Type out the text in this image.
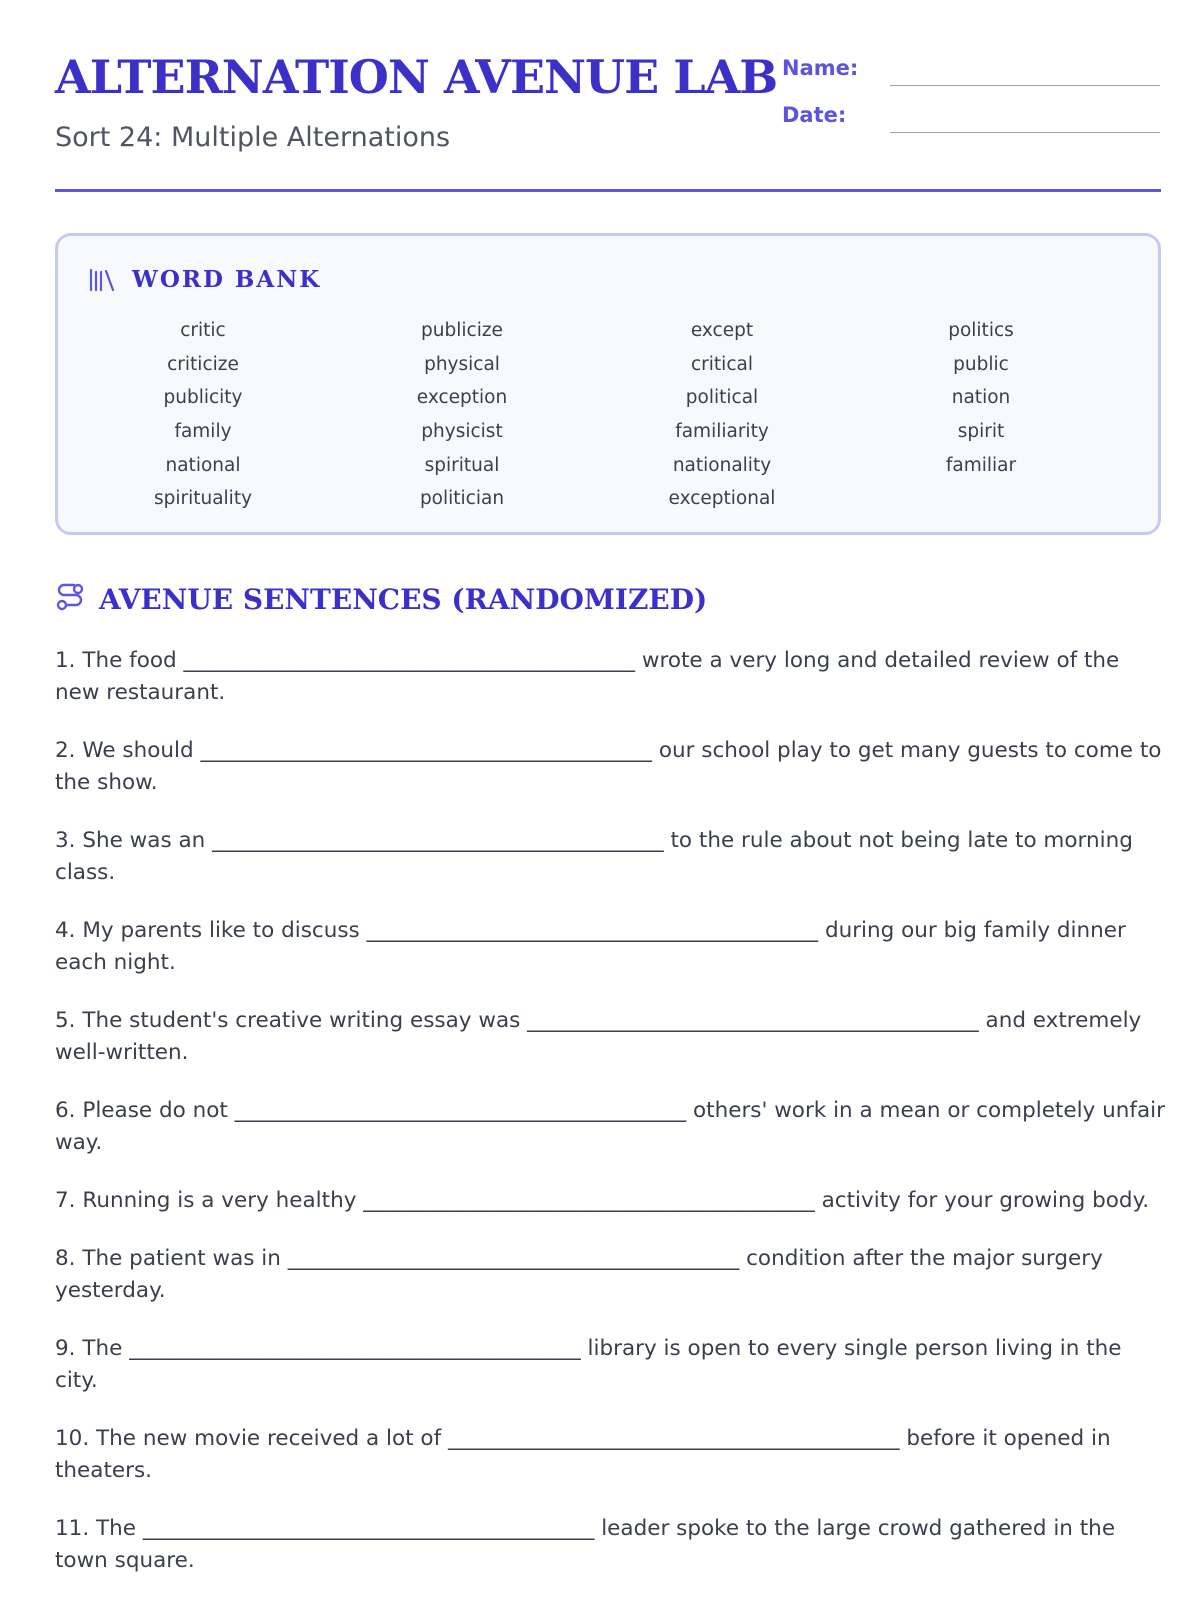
ALTERNATION AVENUE LAB
Sort 24: Multiple Alternations
Name:
Date:
WORD BANK
critic
criticize
publicity
family
national
spirituality
publicize
physical
exception
physicist
spiritual
politician
except
critical
political
familiarity
nationality
exceptional
politics
public
nation
spirit
familiar
AVENUE SENTENCES (RANDOMIZED)

1. The food __________________________________________ wrote a very long and detailed review of the new restaurant.

2. We should __________________________________________ our school play to get many guests to come to the show.

3. She was an __________________________________________ to the rule about not being late to morning class.

4. My parents like to discuss __________________________________________ during our big family dinner each night.

5. The student's creative writing essay was __________________________________________ and extremely well-written.

6. Please do not __________________________________________ others' work in a mean or completely unfair way.

7. Running is a very healthy __________________________________________ activity for your growing body.

8. The patient was in __________________________________________ condition after the major surgery yesterday.

9. The __________________________________________ library is open to every single person living in the city.

10. The new movie received a lot of __________________________________________ before it opened in theaters.

11. The __________________________________________ leader spoke to the large crowd gathered in the town square.
